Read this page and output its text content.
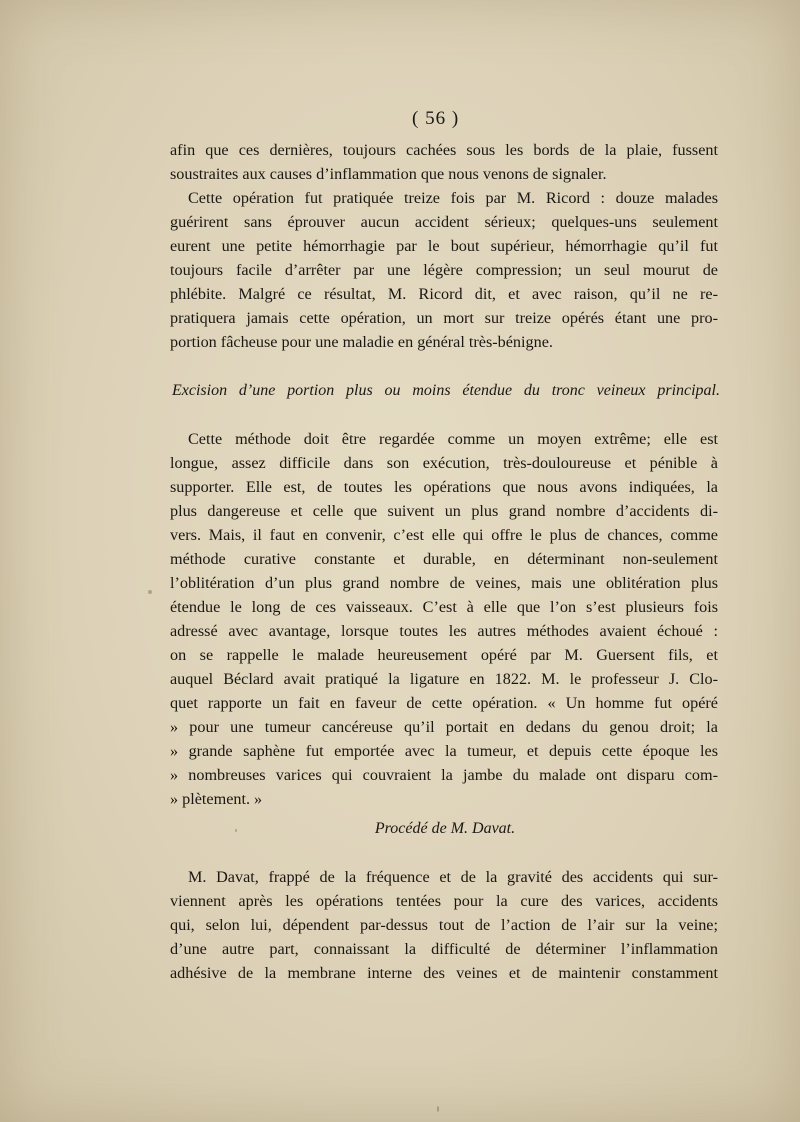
( 56 )
afin que ces dernières, toujours cachées sous les bords de la plaie, fussent
soustraites aux causes d’inflammation que nous venons de signaler.
Cette opération fut pratiquée treize fois par M. Ricord : douze malades
guérirent sans éprouver aucun accident sérieux; quelques-uns seulement
eurent une petite hémorrhagie par le bout supérieur, hémorrhagie qu’il fut
toujours facile d’arrêter par une légère compression; un seul mourut de
phlébite. Malgré ce résultat, M. Ricord dit, et avec raison, qu’il ne re-
pratiquera jamais cette opération, un mort sur treize opérés étant une pro-
portion fâcheuse pour une maladie en général très-bénigne.
Excision d’une portion plus ou moins étendue du tronc veineux principal.
Cette méthode doit être regardée comme un moyen extrême; elle est
longue, assez difficile dans son exécution, très-douloureuse et pénible à
supporter. Elle est, de toutes les opérations que nous avons indiquées, la
plus dangereuse et celle que suivent un plus grand nombre d’accidents di-
vers. Mais, il faut en convenir, c’est elle qui offre le plus de chances, comme
méthode curative constante et durable, en déterminant non-seulement
l’oblitération d’un plus grand nombre de veines, mais une oblitération plus
étendue le long de ces vaisseaux. C’est à elle que l’on s’est plusieurs fois
adressé avec avantage, lorsque toutes les autres méthodes avaient échoué :
on se rappelle le malade heureusement opéré par M. Guersent fils, et
auquel Béclard avait pratiqué la ligature en 1822. M. le professeur J. Clo-
quet rapporte un fait en faveur de cette opération. « Un homme fut opéré
» pour une tumeur cancéreuse qu’il portait en dedans du genou droit; la
» grande saphène fut emportée avec la tumeur, et depuis cette époque les
» nombreuses varices qui couvraient la jambe du malade ont disparu com-
» plètement. »
Procédé de M. Davat.
M. Davat, frappé de la fréquence et de la gravité des accidents qui sur-
viennent après les opérations tentées pour la cure des varices, accidents
qui, selon lui, dépendent par-dessus tout de l’action de l’air sur la veine;
d’une autre part, connaissant la difficulté de déterminer l’inflammation
adhésive de la membrane interne des veines et de maintenir constamment
